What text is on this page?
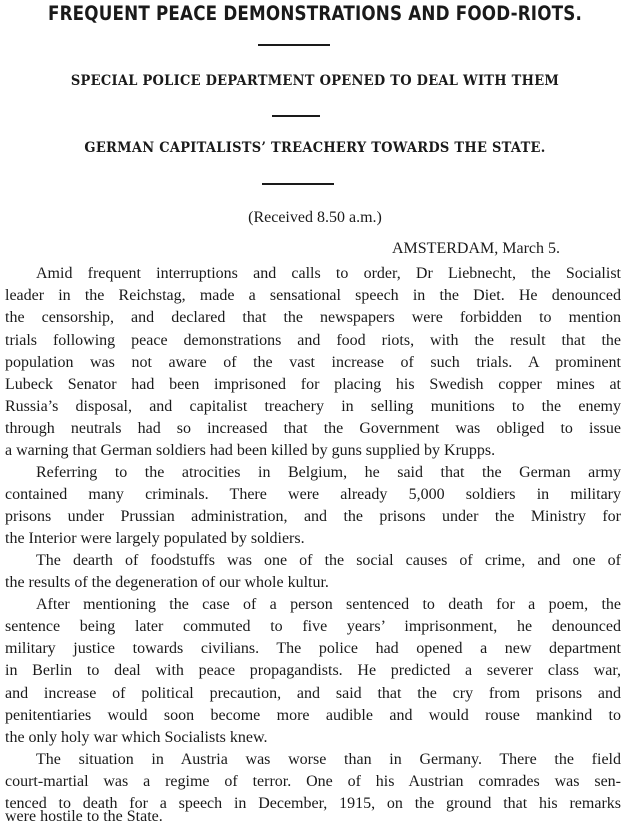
FREQUENT PEACE DEMONSTRATIONS AND FOOD-RIOTS.
SPECIAL POLICE DEPARTMENT OPENED TO DEAL WITH THEM
GERMAN CAPITALISTS’ TREACHERY TOWARDS THE STATE.
(Received 8.50 a.m.)
AMSTERDAM, March 5.
Amid frequent interruptions and calls to order, Dr Liebnecht, the Socialist
leader in the Reichstag, made a sensational speech in the Diet. He denounced
the censorship, and declared that the newspapers were forbidden to mention
trials following peace demonstrations and food riots, with the result that the
population was not aware of the vast increase of such trials. A prominent
Lubeck Senator had been imprisoned for placing his Swedish copper mines at
Russia’s disposal, and capitalist treachery in selling munitions to the enemy
through neutrals had so increased that the Government was obliged to issue
a warning that German soldiers had been killed by guns supplied by Krupps.
Referring to the atrocities in Belgium, he said that the German army
contained many criminals. There were already 5,000 soldiers in military
prisons under Prussian administration, and the prisons under the Ministry for
the Interior were largely populated by soldiers.
The dearth of foodstuffs was one of the social causes of crime, and one of
the results of the degeneration of our whole kultur.
After mentioning the case of a person sentenced to death for a poem, the
sentence being later commuted to five years’ imprisonment, he denounced
military justice towards civilians. The police had opened a new department
in Berlin to deal with peace propagandists. He predicted a severer class war,
and increase of political precaution, and said that the cry from prisons and
penitentiaries would soon become more audible and would rouse mankind to
the only holy war which Socialists knew.
The situation in Austria was worse than in Germany. There the field
court-martial was a regime of terror. One of his Austrian comrades was sen-
tenced to death for a speech in December, 1915, on the ground that his remarks
were hostile to the State.
